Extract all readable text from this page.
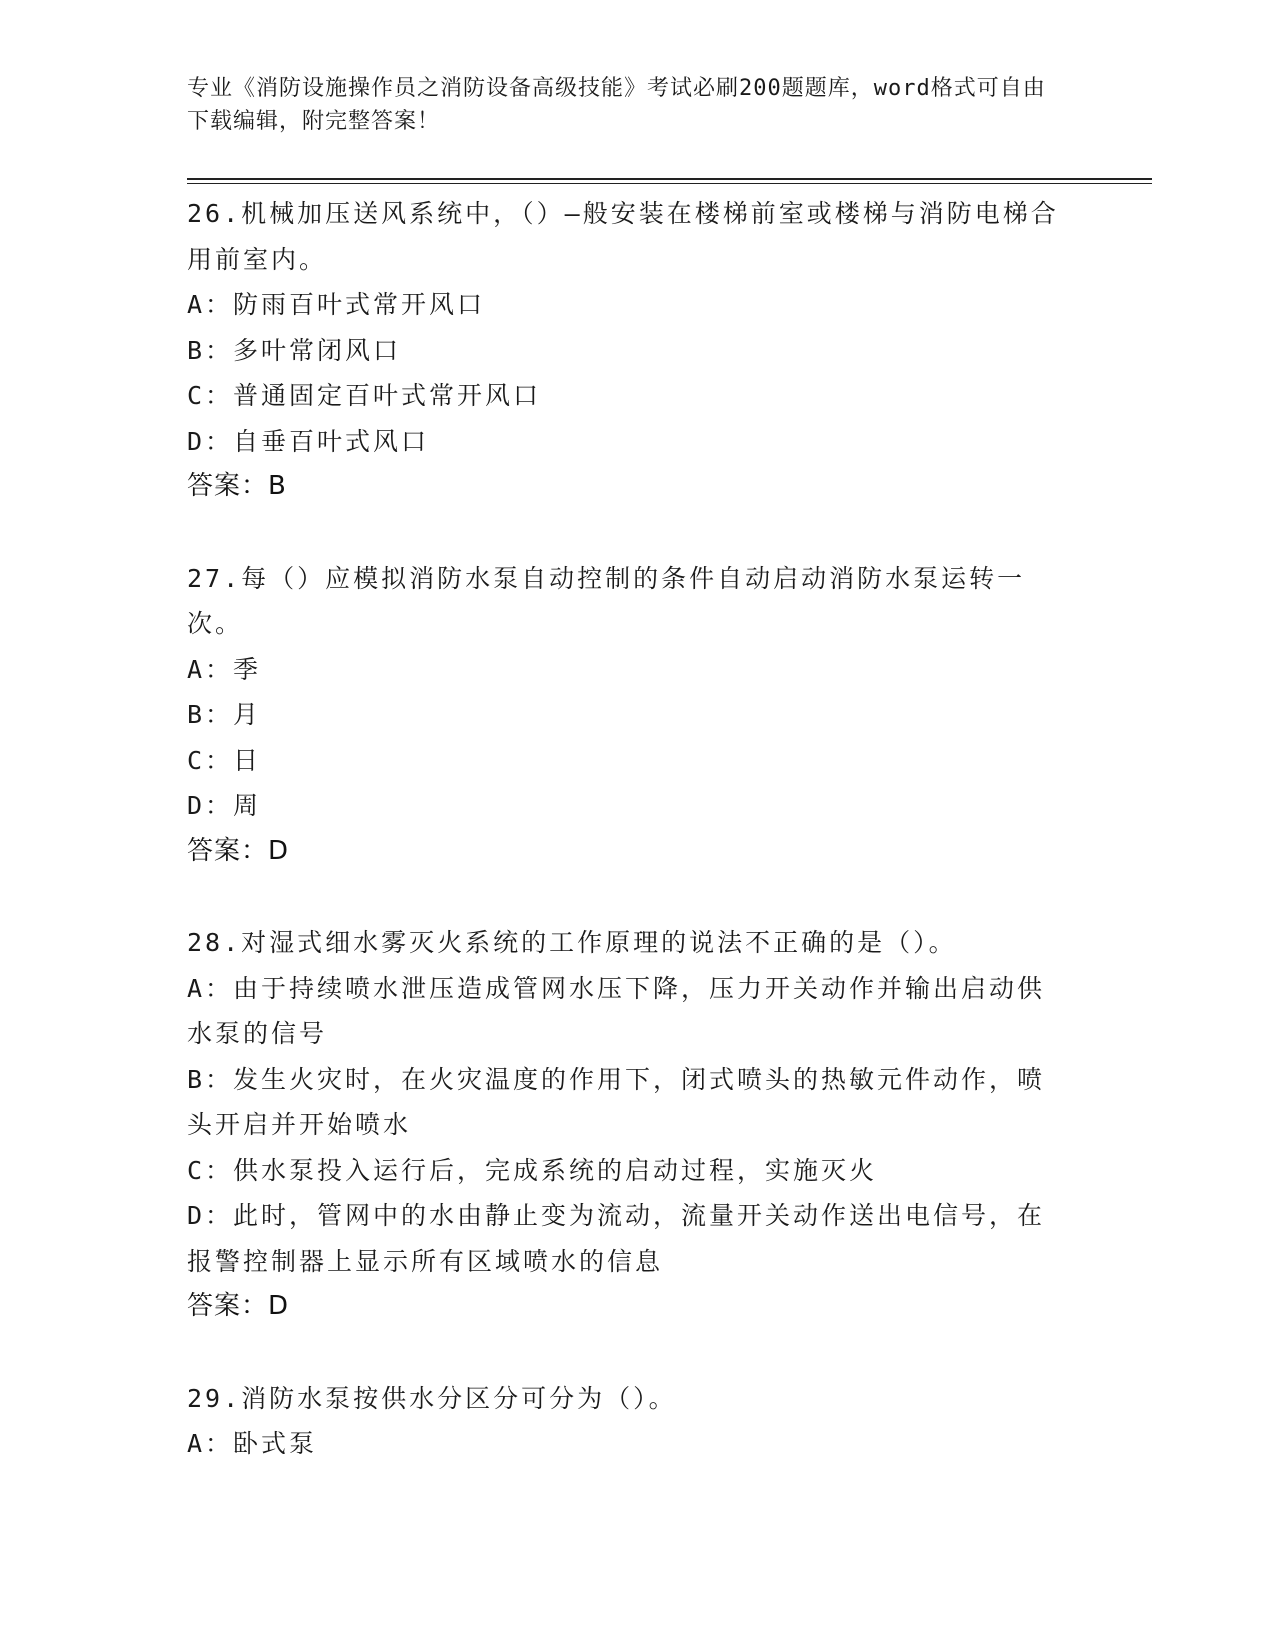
专业《消防设施操作员之消防设备高级技能》考试必刷200题题库，word格式可自由下载编辑，附完整答案！
26.机械加压送风系统中，（）—般安装在楼梯前室或楼梯与消防电梯合用前室内。
A：防雨百叶式常开风口
B：多叶常闭风口
C：普通固定百叶式常开风口
D：自垂百叶式风口
答案：B
27.每（）应模拟消防水泵自动控制的条件自动启动消防水泵运转一次。
A：季
B：月
C：日
D：周
答案：D
28.对湿式细水雾灭火系统的工作原理的说法不正确的是（）。
A：由于持续喷水泄压造成管网水压下降，压力开关动作并输出启动供水泵的信号
B：发生火灾时，在火灾温度的作用下，闭式喷头的热敏元件动作，喷头开启并开始喷水
C：供水泵投入运行后，完成系统的启动过程，实施灭火
D：此时，管网中的水由静止变为流动，流量开关动作送出电信号，在报警控制器上显示所有区域喷水的信息
答案：D
29.消防水泵按供水分区分可分为（）。
A：卧式泵
